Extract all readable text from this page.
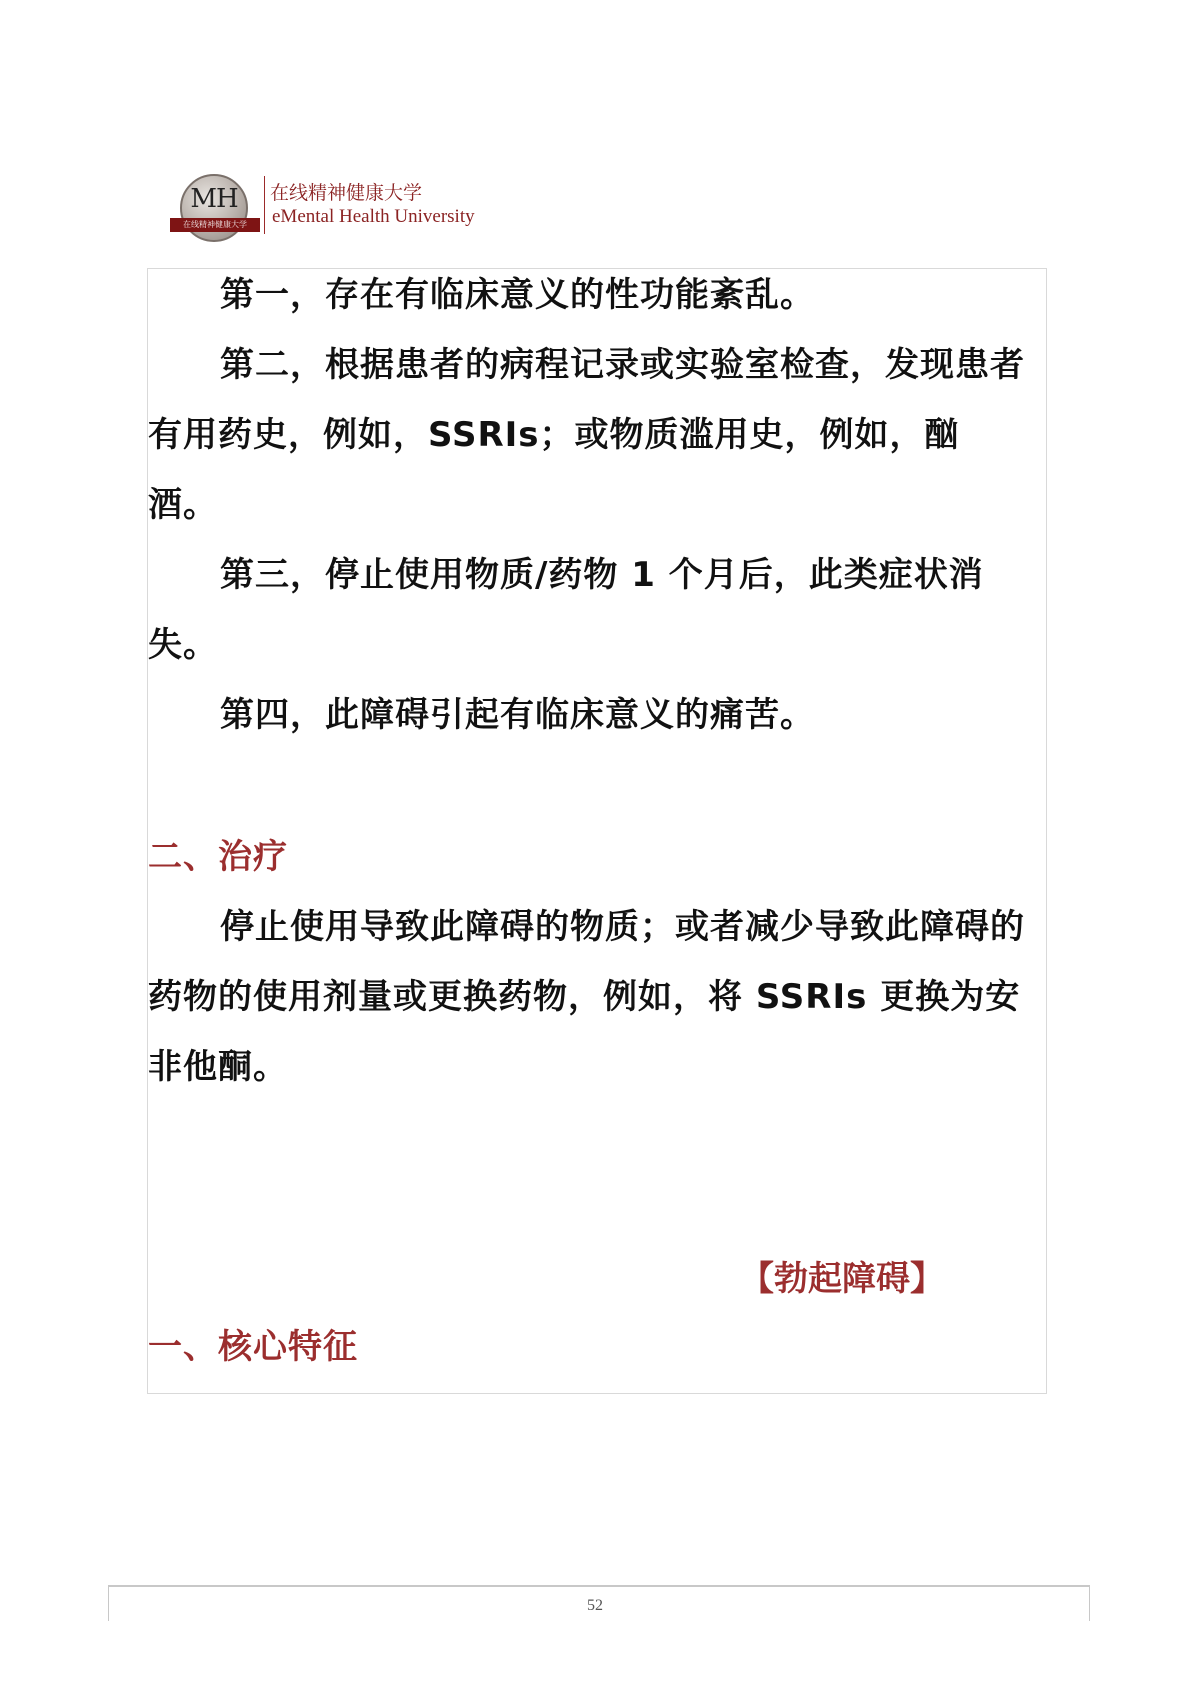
MH
在线精神健康大学
在线精神健康大学
eMental Health University
第一，存在有临床意义的性功能紊乱。
第二，根据患者的病程记录或实验室检查，发现患者有用药史，例如，SSRIs；或物质滥用史，例如，酗酒。
第三，停止使用物质/药物 1 个月后，此类症状消失。
第四，此障碍引起有临床意义的痛苦。
二、治疗
停止使用导致此障碍的物质；或者减少导致此障碍的药物的使用剂量或更换药物，例如，将 SSRIs 更换为安非他酮。
【勃起障碍】
一、核心特征
52
